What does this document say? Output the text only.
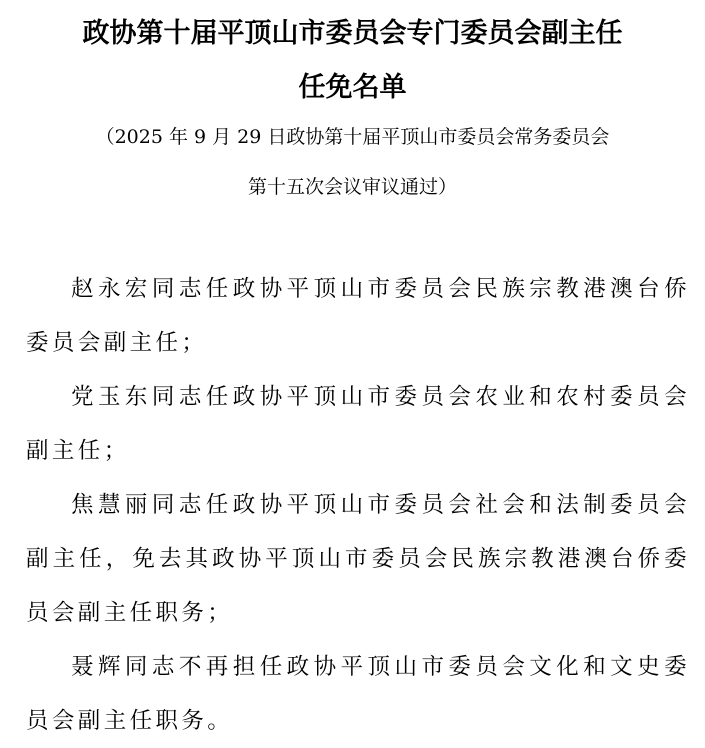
政协第十届平顶山市委员会专门委员会副主任
任免名单

（2025 年 9 月 29 日政协第十届平顶山市委员会常务委员会

第十五次会议审议通过）

赵永宏同志任政协平顶山市委员会民族宗教港澳台侨委员会副主任；

党玉东同志任政协平顶山市委员会农业和农村委员会副主任；

焦慧丽同志任政协平顶山市委员会社会和法制委员会副主任，免去其政协平顶山市委员会民族宗教港澳台侨委员会副主任职务；

聂辉同志不再担任政协平顶山市委员会文化和文史委员会副主任职务。
